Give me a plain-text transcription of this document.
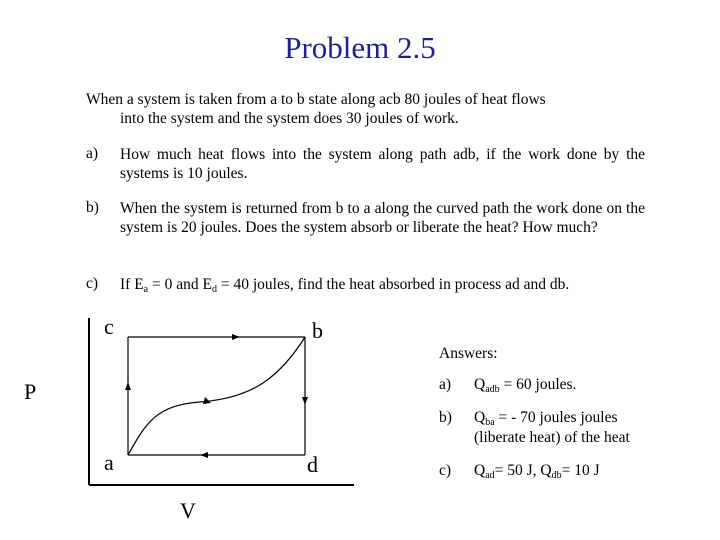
Problem 2.5
When a system is taken from a to b state along acb 80 joules of heat flows
into the system and the system does 30 joules of work.
a) How much heat flows into the system along path adb, if the work done by the systems is 10 joules.
b) When the system is returned from b to a along the curved path the work done on the system is 20 joules. Does the system absorb or liberate the heat? How much?
c) If $E_a = 0$ and $E_d = 40$ joules, find the heat absorbed in process ad and db.
c	b
a	d
P
V
Answers:
a) $Q_{adb} = 60$ joules.
b) $Q_{ba}$ = - 70 joules joules
(liberate heat) of the heat
c) $Q_{ad}= 50$ J, $Q_{db}= 10$ J
